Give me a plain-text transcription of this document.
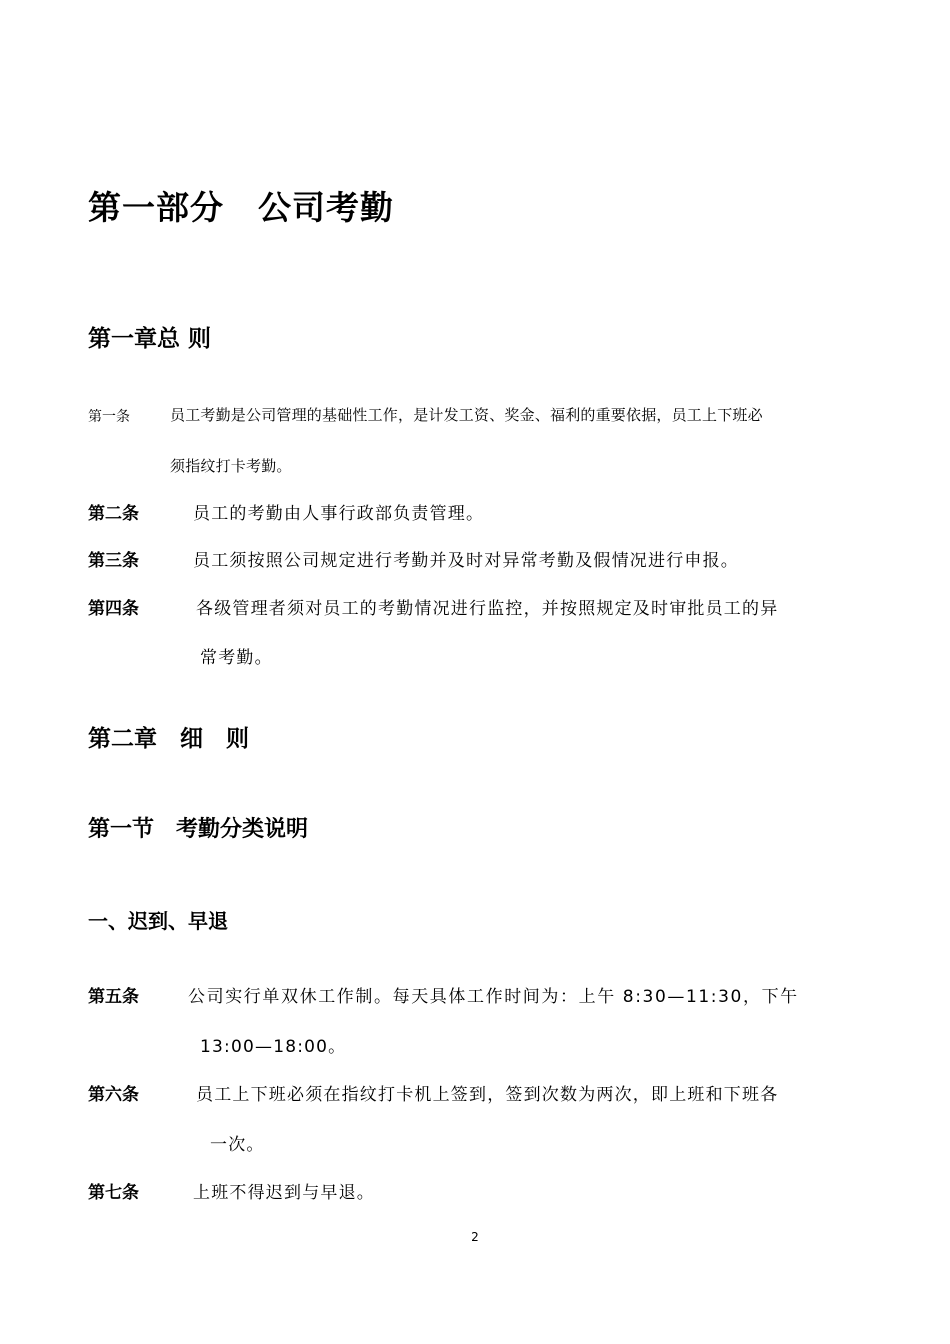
第一部分　公司考勤
第一章总 则
第一条	员工考勤是公司管理的基础性工作，是计发工资、奖金、福利的重要依据，员工上下班必
须指纹打卡考勤。
第二条	员工的考勤由人事行政部负责管理。
第三条	员工须按照公司规定进行考勤并及时对异常考勤及假情况进行申报。
第四条	各级管理者须对员工的考勤情况进行监控，并按照规定及时审批员工的异
常考勤。
第二章　细　则
第一节　考勤分类说明
一、迟到、早退
第五条	公司实行单双休工作制。每天具体工作时间为：上午 8:30—11:30，下午
13:00—18:00。
第六条	员工上下班必须在指纹打卡机上签到，签到次数为两次，即上班和下班各
一次。
第七条	上班不得迟到与早退。
2
